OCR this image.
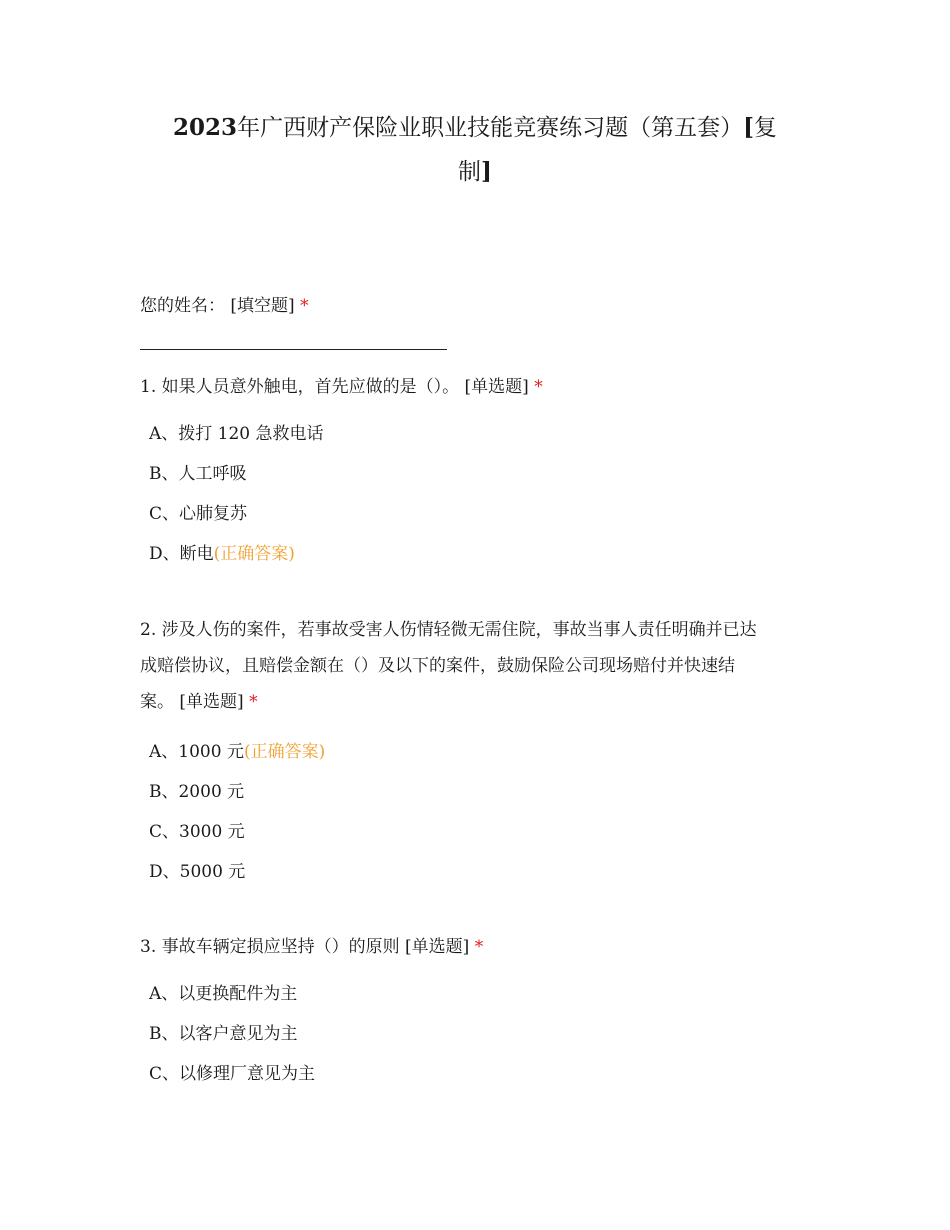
2023年广西财产保险业职业技能竞赛练习题（第五套）[复
制]

您的姓名： [填空题] *

1. 如果人员意外触电，首先应做的是（）。 [单选题] *

A、拨打 120 急救电话
B、人工呼吸
C、心肺复苏
D、断电(正确答案)

2. 涉及人伤的案件，若事故受害人伤情轻微无需住院，事故当事人责任明确并已达
成赔偿协议，且赔偿金额在（）及以下的案件，鼓励保险公司现场赔付并快速结
案。 [单选题] *

A、1000 元(正确答案)
B、2000 元
C、3000 元
D、5000 元

3. 事故车辆定损应坚持（）的原则 [单选题] *

A、以更换配件为主
B、以客户意见为主
C、以修理厂意见为主
